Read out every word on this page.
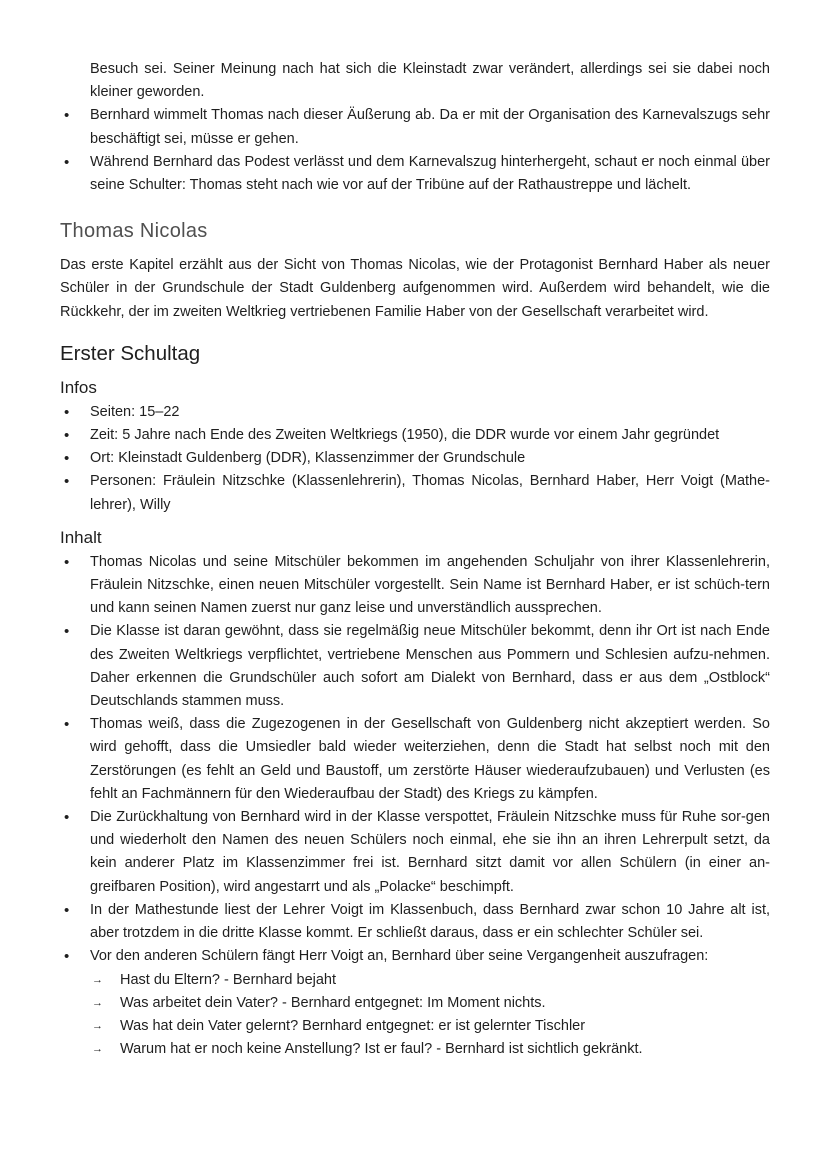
Besuch sei. Seiner Meinung nach hat sich die Kleinstadt zwar verändert, allerdings sei sie dabei noch kleiner geworden.

• Bernhard wimmelt Thomas nach dieser Äußerung ab. Da er mit der Organisation des Karnevalszugs sehr beschäftigt sei, müsse er gehen.
• Während Bernhard das Podest verlässt und dem Karnevalszug hinterhergeht, schaut er noch einmal über seine Schulter: Thomas steht nach wie vor auf der Tribüne auf der Rathaustreppe und lächelt.
Thomas Nicolas

Das erste Kapitel erzählt aus der Sicht von Thomas Nicolas, wie der Protagonist Bernhard Haber als neuer Schüler in der Grundschule der Stadt Guldenberg aufgenommen wird. Außerdem wird behandelt, wie die Rückkehr, der im zweiten Weltkrieg vertriebenen Familie Haber von der Gesellschaft verarbeitet wird.

Erster Schultag
Infos
• Seiten: 15–22
• Zeit: 5 Jahre nach Ende des Zweiten Weltkriegs (1950), die DDR wurde vor einem Jahr gegründet
• Ort: Kleinstadt Guldenberg (DDR), Klassenzimmer der Grundschule
• Personen: Fräulein Nitzschke (Klassenlehrerin), Thomas Nicolas, Bernhard Haber, Herr Voigt (Mathe-lehrer), Willy
Inhalt
• Thomas Nicolas und seine Mitschüler bekommen im angehenden Schuljahr von ihrer Klassenlehrerin, Fräulein Nitzschke, einen neuen Mitschüler vorgestellt. Sein Name ist Bernhard Haber, er ist schüch-tern und kann seinen Namen zuerst nur ganz leise und unverständlich aussprechen.
• Die Klasse ist daran gewöhnt, dass sie regelmäßig neue Mitschüler bekommt, denn ihr Ort ist nach Ende des Zweiten Weltkriegs verpflichtet, vertriebene Menschen aus Pommern und Schlesien aufzu-nehmen. Daher erkennen die Grundschüler auch sofort am Dialekt von Bernhard, dass er aus dem „Ostblock“ Deutschlands stammen muss.
• Thomas weiß, dass die Zugezogenen in der Gesellschaft von Guldenberg nicht akzeptiert werden. So wird gehofft, dass die Umsiedler bald wieder weiterziehen, denn die Stadt hat selbst noch mit den Zerstörungen (es fehlt an Geld und Baustoff, um zerstörte Häuser wiederaufzubauen) und Verlusten (es fehlt an Fachmännern für den Wiederaufbau der Stadt) des Kriegs zu kämpfen.
• Die Zurückhaltung von Bernhard wird in der Klasse verspottet, Fräulein Nitzschke muss für Ruhe sor-gen und wiederholt den Namen des neuen Schülers noch einmal, ehe sie ihn an ihren Lehrerpult setzt, da kein anderer Platz im Klassenzimmer frei ist. Bernhard sitzt damit vor allen Schülern (in einer an-greifbaren Position), wird angestarrt und als „Polacke“ beschimpft.
• In der Mathestunde liest der Lehrer Voigt im Klassenbuch, dass Bernhard zwar schon 10 Jahre alt ist, aber trotzdem in die dritte Klasse kommt. Er schließt daraus, dass er ein schlechter Schüler sei.
• Vor den anderen Schülern fängt Herr Voigt an, Bernhard über seine Vergangenheit auszufragen:
→ Hast du Eltern? - Bernhard bejaht
→ Was arbeitet dein Vater? - Bernhard entgegnet: Im Moment nichts.
→ Was hat dein Vater gelernt? Bernhard entgegnet: er ist gelernter Tischler
→ Warum hat er noch keine Anstellung? Ist er faul? - Bernhard ist sichtlich gekränkt.
